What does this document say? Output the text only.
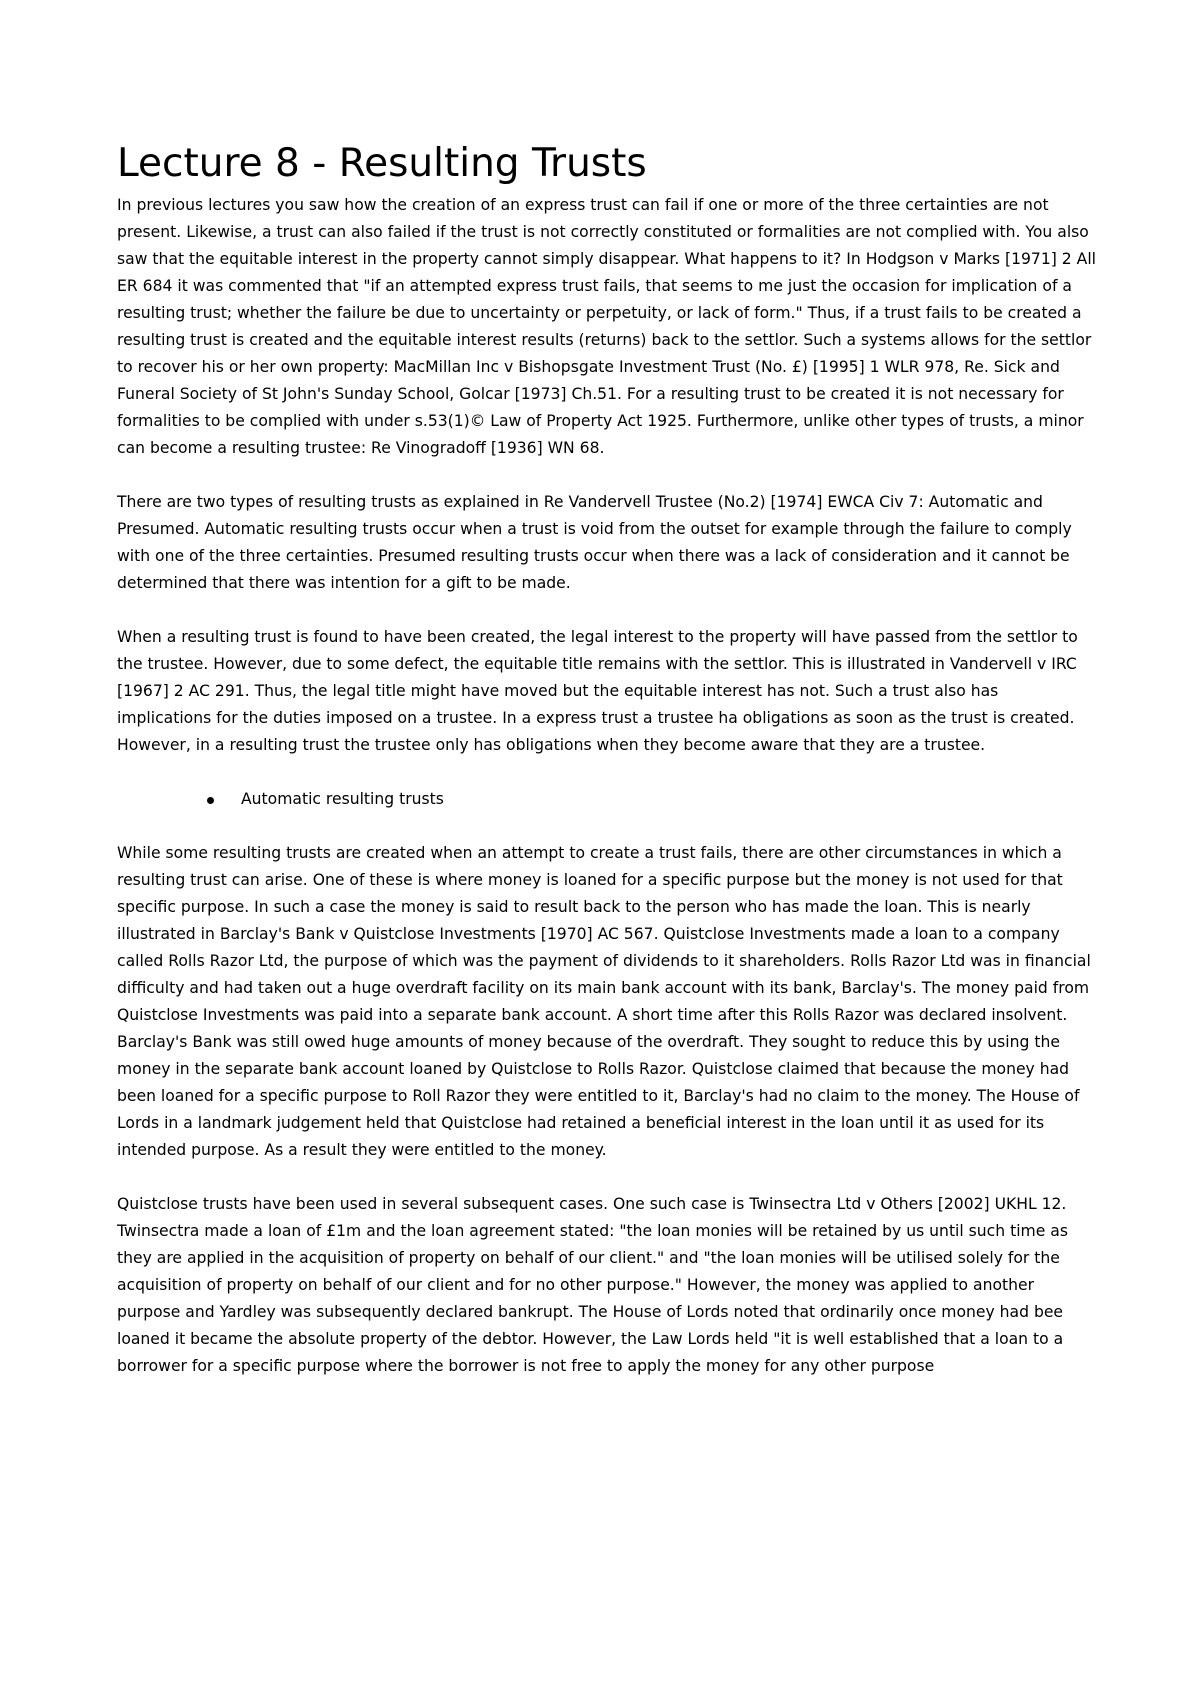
Lecture 8 - Resulting Trusts

In previous lectures you saw how the creation of an express trust can fail if one or more of the three certainties are not present. Likewise, a trust can also failed if the trust is not correctly constituted or formalities are not complied with. You also saw that the equitable interest in the property cannot simply disappear. What happens to it? In Hodgson v Marks [1971] 2 All ER 684 it was commented that "if an attempted express trust fails, that seems to me just the occasion for implication of a resulting trust; whether the failure be due to uncertainty or perpetuity, or lack of form." Thus, if a trust fails to be created a resulting trust is created and the equitable interest results (returns) back to the settlor. Such a systems allows for the settlor to recover his or her own property: MacMillan Inc v Bishopsgate Investment Trust (No. £) [1995] 1 WLR 978, Re. Sick and Funeral Society of St John's Sunday School, Golcar [1973] Ch.51. For a resulting trust to be created it is not necessary for formalities to be complied with under s.53(1)© Law of Property Act 1925. Furthermore, unlike other types of trusts, a minor can become a resulting trustee: Re Vinogradoff [1936] WN 68.

There are two types of resulting trusts as explained in Re Vandervell Trustee (No.2) [1974] EWCA Civ 7: Automatic and Presumed. Automatic resulting trusts occur when a trust is void from the outset for example through the failure to comply with one of the three certainties. Presumed resulting trusts occur when there was a lack of consideration and it cannot be determined that there was intention for a gift to be made.

When a resulting trust is found to have been created, the legal interest to the property will have passed from the settlor to the trustee. However, due to some defect, the equitable title remains with the settlor. This is illustrated in Vandervell v IRC [1967] 2 AC 291. Thus, the legal title might have moved but the equitable interest has not. Such a trust also has implications for the duties imposed on a trustee. In a express trust a trustee ha obligations as soon as the trust is created. However, in a resulting trust the trustee only has obligations when they become aware that they are a trustee.

Automatic resulting trusts

While some resulting trusts are created when an attempt to create a trust fails, there are other circumstances in which a resulting trust can arise. One of these is where money is loaned for a specific purpose but the money is not used for that specific purpose. In such a case the money is said to result back to the person who has made the loan. This is nearly illustrated in Barclay's Bank v Quistclose Investments [1970] AC 567. Quistclose Investments made a loan to a company called Rolls Razor Ltd, the purpose of which was the payment of dividends to it shareholders. Rolls Razor Ltd was in financial difficulty and had taken out a huge overdraft facility on its main bank account with its bank, Barclay's. The money paid from Quistclose Investments was paid into a separate bank account. A short time after this Rolls Razor was declared insolvent. Barclay's Bank was still owed huge amounts of money because of the overdraft. They sought to reduce this by using the money in the separate bank account loaned by Quistclose to Rolls Razor. Quistclose claimed that because the money had been loaned for a specific purpose to Roll Razor they were entitled to it, Barclay's had no claim to the money. The House of Lords in a landmark judgement held that Quistclose had retained a beneficial interest in the loan until it as used for its intended purpose. As a result they were entitled to the money.

Quistclose trusts have been used in several subsequent cases. One such case is Twinsectra Ltd v Others [2002] UKHL 12. Twinsectra made a loan of £1m and the loan agreement stated: "the loan monies will be retained by us until such time as they are applied in the acquisition of property on behalf of our client." and "the loan monies will be utilised solely for the acquisition of property on behalf of our client and for no other purpose." However, the money was applied to another purpose and Yardley was subsequently declared bankrupt. The House of Lords noted that ordinarily once money had bee loaned it became the absolute property of the debtor. However, the Law Lords held "it is well established that a loan to a borrower for a specific purpose where the borrower is not free to apply the money for any other purpose
